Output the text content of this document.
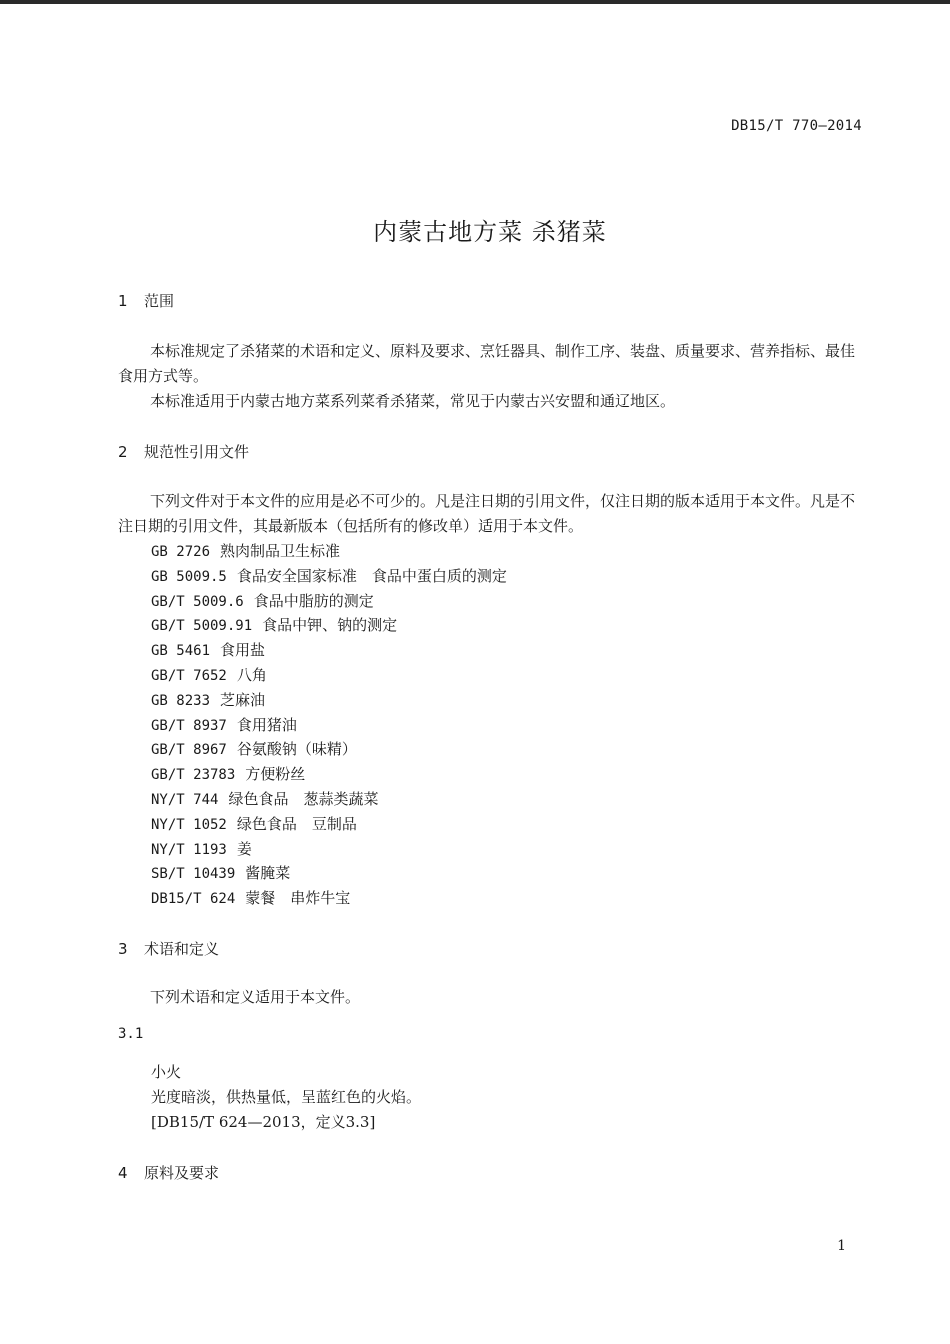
DB15/T 770—2014
内蒙古地方菜 杀猪菜
1 范围

本标准规定了杀猪菜的术语和定义、原料及要求、烹饪器具、制作工序、装盘、质量要求、营养指标、最佳食用方式等。

本标准适用于内蒙古地方菜系列菜肴杀猪菜，常见于内蒙古兴安盟和通辽地区。

2 规范性引用文件

下列文件对于本文件的应用是必不可少的。凡是注日期的引用文件，仅注日期的版本适用于本文件。凡是不注日期的引用文件，其最新版本（包括所有的修改单）适用于本文件。

GB 2726 熟肉制品卫生标准
GB 5009.5 食品安全国家标准　食品中蛋白质的测定
GB/T 5009.6 食品中脂肪的测定
GB/T 5009.91 食品中钾、钠的测定
GB 5461 食用盐
GB/T 7652 八角
GB 8233 芝麻油
GB/T 8937 食用猪油
GB/T 8967 谷氨酸钠（味精）
GB/T 23783 方便粉丝
NY/T 744 绿色食品　葱蒜类蔬菜
NY/T 1052 绿色食品　豆制品
NY/T 1193 姜
SB/T 10439 酱腌菜
DB15/T 624 蒙餐　串炸牛宝
3 术语和定义

下列术语和定义适用于本文件。

3.1
小火
光度暗淡，供热量低，呈蓝红色的火焰。
[DB15/T 624—2013，定义3.3]
4 原料及要求
1
